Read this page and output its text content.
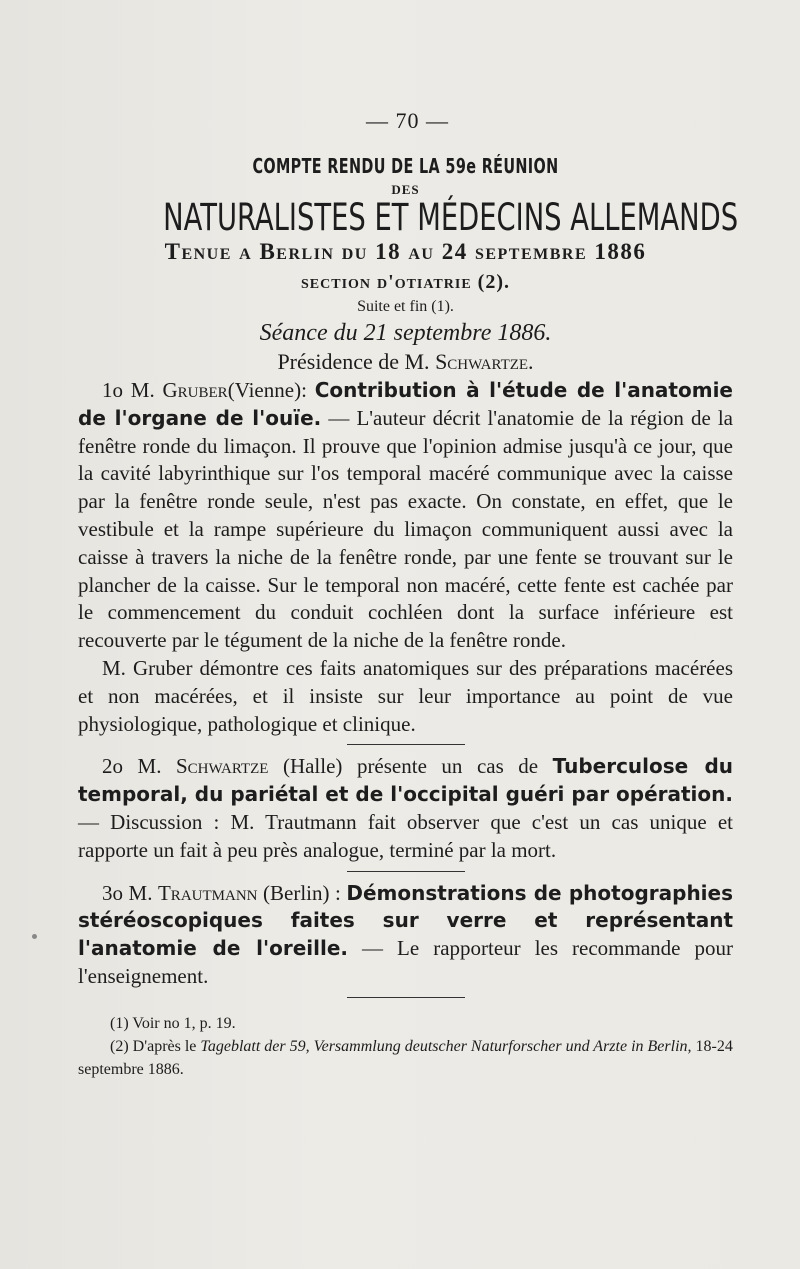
— 70 —
COMPTE RENDU DE LA 59e RÉUNION
DES
NATURALISTES ET MÉDECINS ALLEMANDS
Tenue a Berlin du 18 au 24 septembre 1886
section d'otiatrie (2).
Suite et fin (1).
Séance du 21 septembre 1886.
Présidence de M. Schwartze.

1o M. Gruber(Vienne): Contribution à l'étude de l'anatomie de l'organe de l'ouïe. — L'auteur décrit l'anatomie de la région de la fenêtre ronde du limaçon. Il prouve que l'opinion admise jusqu'à ce jour, que la cavité labyrinthique sur l'os temporal macéré communique avec la caisse par la fenêtre ronde seule, n'est pas exacte. On constate, en effet, que le vestibule et la rampe supérieure du limaçon communiquent aussi avec la caisse à travers la niche de la fenêtre ronde, par une fente se trouvant sur le plancher de la caisse. Sur le temporal non macéré, cette fente est cachée par le commencement du conduit cochléen dont la surface inférieure est recouverte par le tégument de la niche de la fenêtre ronde.

M. Gruber démontre ces faits anatomiques sur des préparations macérées et non macérées, et il insiste sur leur importance au point de vue physiologique, pathologique et clinique.

2o M. Schwartze (Halle) présente un cas de Tuberculose du temporal, du pariétal et de l'occipital guéri par opération. — Discussion : M. Trautmann fait observer que c'est un cas unique et rapporte un fait à peu près analogue, terminé par la mort.

3o M. Trautmann (Berlin) : Démonstrations de photographies stéréoscopiques faites sur verre et représentant l'anatomie de l'oreille. — Le rapporteur les recommande pour l'enseignement.

(1) Voir no 1, p. 19.

(2) D'après le Tageblatt der 59, Versammlung deutscher Naturforscher und Arzte in Berlin, 18-24 septembre 1886.
